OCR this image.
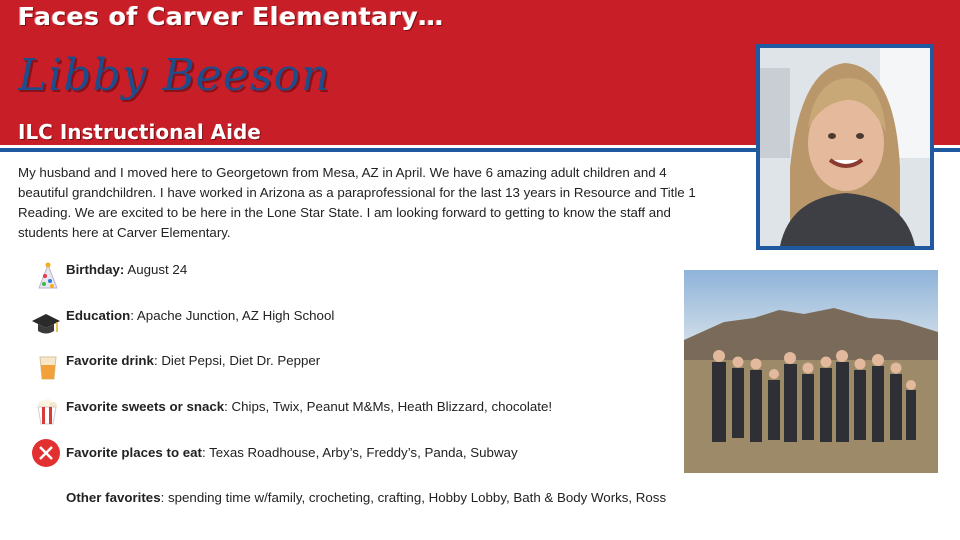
Faces of Carver Elementary…
Libby Beeson
ILC Instructional Aide
My husband and I moved here to Georgetown from Mesa, AZ in April. We have 6 amazing adult children and 4 beautiful grandchildren. I have worked in Arizona as a paraprofessional for the last 13 years in Resource and Title 1 Reading. We are excited to be here in the Lone Star State. I am looking forward to getting to know the staff and students here at Carver Elementary.
Birthday: August 24
Education: Apache Junction, AZ High School
Favorite drink: Diet Pepsi, Diet Dr. Pepper
Favorite sweets or snack: Chips, Twix, Peanut M&Ms, Heath Blizzard, chocolate!
Favorite places to eat: Texas Roadhouse, Arby’s, Freddy’s, Panda, Subway
Other favorites: spending time w/family, crocheting, crafting, Hobby Lobby, Bath & Body Works, Ross
